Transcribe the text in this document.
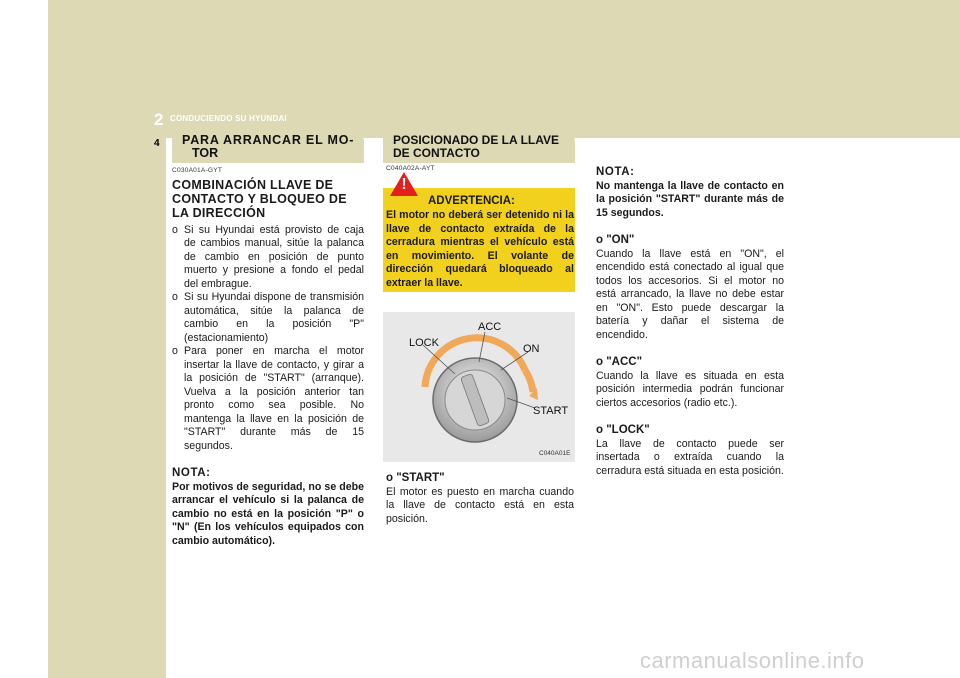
2 CONDUCIENDO SU HYUNDAI
4 PARA ARRANCAR EL MO-
TOR
C030A01A-GYT
COMBINACIÓN LLAVE DE CONTACTO Y BLOQUEO DE LA DIRECCIÓN
o Si su Hyundai está provisto de caja de cambios manual, sitúe la palanca de cambio en posición de punto muerto y presione a fondo el pedal del embrague.
o Si su Hyundai dispone de transmisión automática, sitúe la palanca de cambio en la posición "P" (estacionamiento)
o Para poner en marcha el motor insertar la llave de contacto, y girar a la posición de "START" (arranque). Vuelva a la posición anterior tan pronto como sea posible. No mantenga la llave en la posición de "START" durante más de 15 segundos.
NOTA:
Por motivos de seguridad, no se debe arrancar el vehículo si la palanca de cambio no está en la posición "P" o "N" (En los vehículos equipados con cambio automático).
POSICIONADO DE LA LLAVE
DE CONTACTO
C040A02A-AYT
!
ADVERTENCIA:
El motor no deberá ser detenido ni la llave de contacto extraída de la cerradura mientras el vehículo está en movimiento. El volante de dirección quedará bloqueado al extraer la llave.
LOCK
ACC
ON
START
C040A01E
o "START"
El motor es puesto en marcha cuando la llave de contacto está en esta posición.
NOTA:
No mantenga la llave de contacto en la posición "START" durante más de 15 segundos.
o "ON"
Cuando la llave está en "ON", el encendido está conectado al igual que todos los accesorios. Si el motor no está arrancado, la llave no debe estar en "ON". Esto puede descargar la batería y dañar el sistema de encendido.
o "ACC"
Cuando la llave es situada en esta posición intermedia podrán funcionar ciertos accesorios (radio etc.).
o "LOCK"
La llave de contacto puede ser insertada o extraída cuando la cerradura está situada en esta posición.
carmanualsonline.info
